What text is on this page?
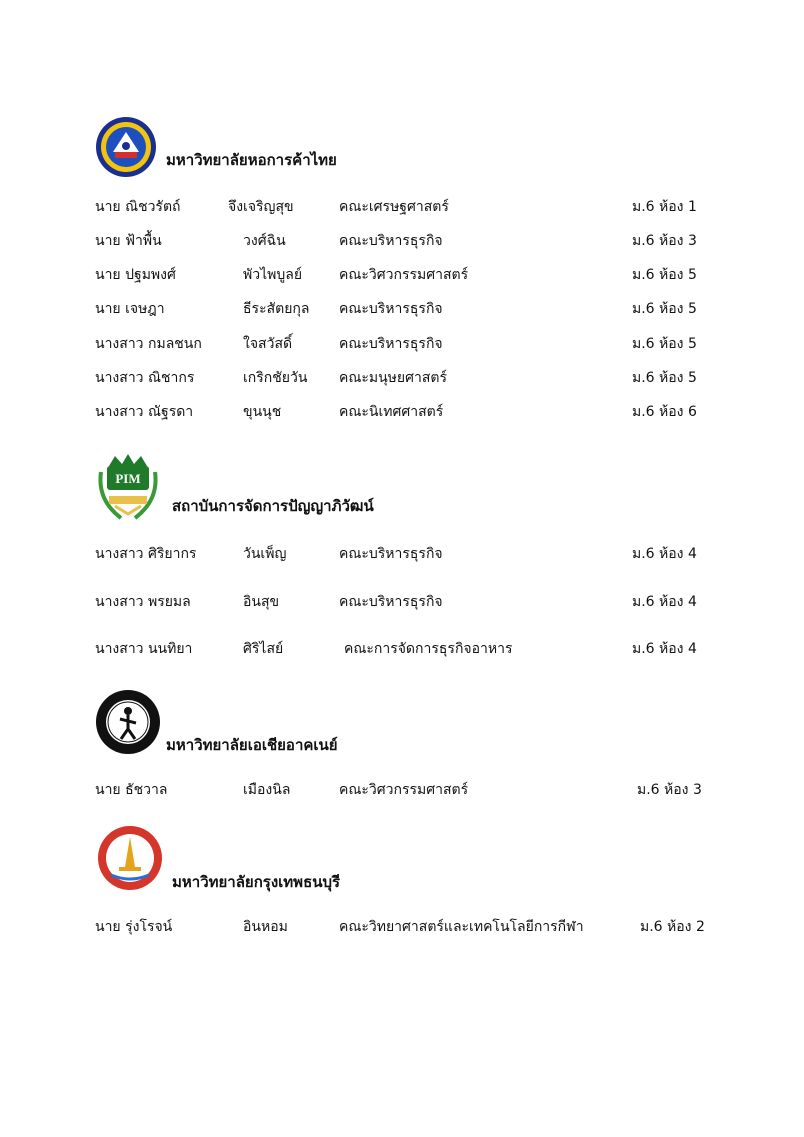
มหาวิทยาลัยหอการค้าไทย
นาย ณิชวรัตถ์	จึงเจริญสุข	คณะเศรษฐศาสตร์	ม.6 ห้อง 1
นาย ฟ้าพื้น	วงศ์ฉิน	คณะบริหารธุรกิจ	ม.6 ห้อง 3
นาย ปฐมพงศ์	พัวไพบูลย์	คณะวิศวกรรมศาสตร์	ม.6 ห้อง 5
นาย เจษฎา	ธีระสัตยกุล คณะบริหารธุรกิจ	ม.6 ห้อง 5
นางสาว กมลชนก	ใจสวัสดิ์	คณะบริหารธุรกิจ	ม.6 ห้อง 5
นางสาว ณิชากร	เกริกชัยวัน คณะมนุษยศาสตร์	ม.6 ห้อง 5
นางสาว ณัฐรดา	ขุนนุช	คณะนิเทศศาสตร์	ม.6 ห้อง 6
PIM
สถาบันการจัดการปัญญาภิวัฒน์
นางสาว ศิริยากร	วันเพ็ญ	คณะบริหารธุรกิจ	ม.6 ห้อง 4
นางสาว พรยมล	อินสุข	คณะบริหารธุรกิจ	ม.6 ห้อง 4
นางสาว นนทิยา	ศิริไสย์	คณะการจัดการธุรกิจอาหาร	ม.6 ห้อง 4
มหาวิทยาลัยเอเชียอาคเนย์
นาย ธัชวาล	เมืองนิล	คณะวิศวกรรมศาสตร์	ม.6 ห้อง 3
มหาวิทยาลัยกรุงเทพธนบุรี
นาย รุ่งโรจน์	อินหอม	คณะวิทยาศาสตร์และเทคโนโลยีการกีฬา	ม.6 ห้อง 2
